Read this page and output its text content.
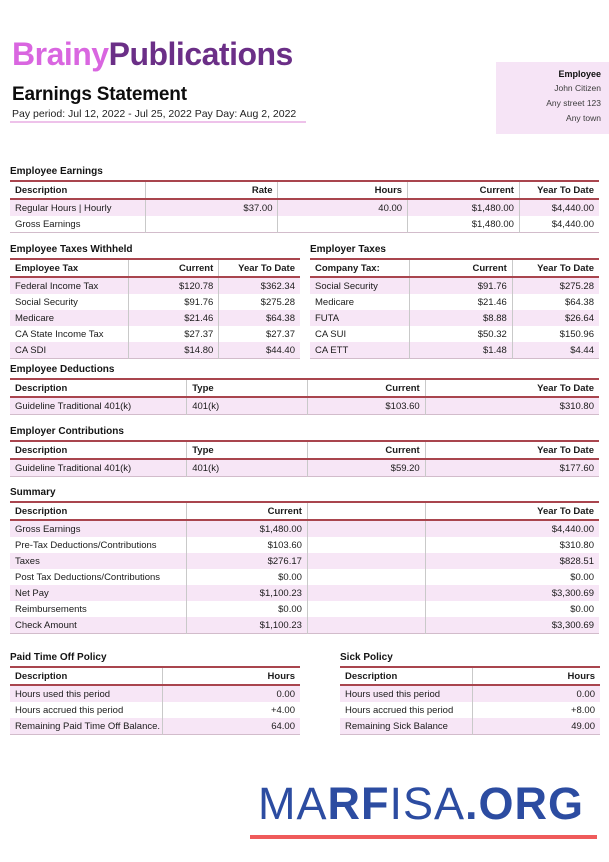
BrainyPublications
Earnings Statement
Pay period: Jul 12, 2022 - Jul 25, 2022 Pay Day: Aug 2, 2022
Employee
John Citizen
Any street 123
Any town
Employee Earnings
Description	Rate	Hours	Current	Year To Date
Regular Hours | Hourly	$37.00	40.00	$1,480.00	$4,440.00
Gross Earnings			$1,480.00	$4,440.00
Employee Taxes Withheld
Employee Tax	Current	Year To Date
Federal Income Tax	$120.78	$362.34
Social Security	$91.76	$275.28
Medicare	$21.46	$64.38
CA State Income Tax	$27.37	$27.37
CA SDI	$14.80	$44.40
Employer Taxes
Company Tax:	Current	Year To Date
Social Security	$91.76	$275.28
Medicare	$21.46	$64.38
FUTA	$8.88	$26.64
CA SUI	$50.32	$150.96
CA ETT	$1.48	$4.44
Employee Deductions
Description	Type	Current	Year To Date
Guideline Traditional 401(k)	401(k)	$103.60	$310.80
Employer Contributions
Description	Type	Current	Year To Date
Guideline Traditional 401(k)	401(k)	$59.20	$177.60
Summary
Description	Current		Year To Date
Gross Earnings	$1,480.00		$4,440.00
Pre-Tax Deductions/Contributions	$103.60		$310.80
Taxes	$276.17		$828.51
Post Tax Deductions/Contributions	$0.00		$0.00
Net Pay	$1,100.23		$3,300.69
Reimbursements	$0.00		$0.00
Check Amount	$1,100.23		$3,300.69
Paid Time Off Policy
Description	Hours
Hours used this period	0.00
Hours accrued this period	+4.00
Remaining Paid Time Off Balance.	64.00
Sick Policy
Description	Hours
Hours used this period	0.00
Hours accrued this period	+8.00
Remaining Sick Balance	49.00
MARFISA.ORG
